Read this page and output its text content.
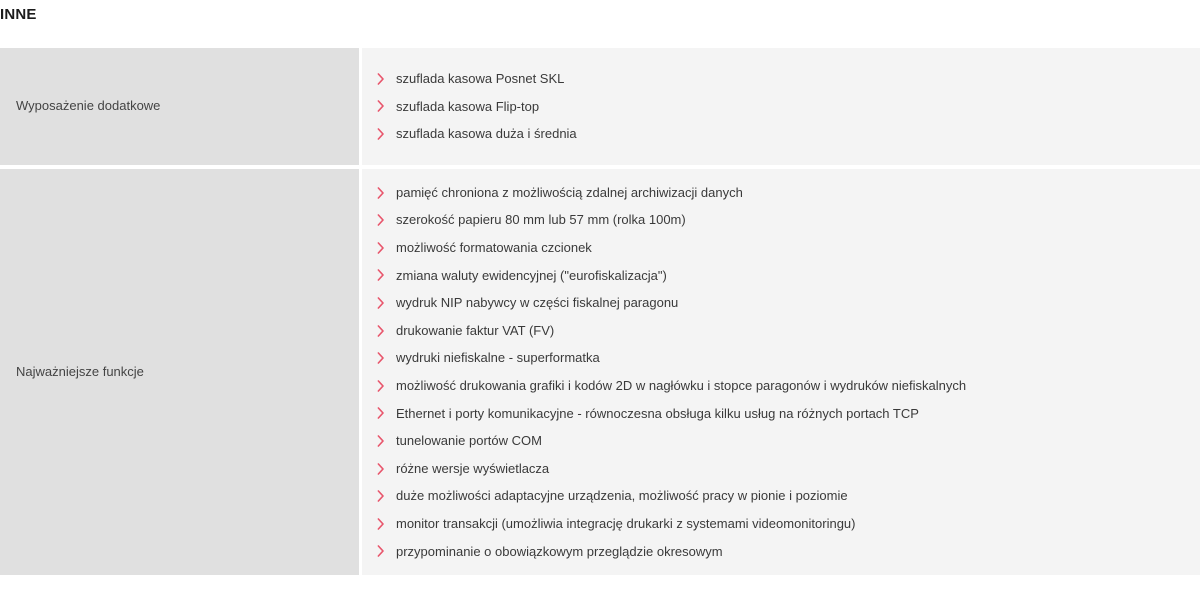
INNE
Wyposażenie dodatkowe	
szuflada kasowa Posnet SKL
szuflada kasowa Flip-top
szuflada kasowa duża i średnia

Najważniejsze funkcje	
pamięć chroniona z możliwością zdalnej archiwizacji danych
szerokość papieru 80 mm lub 57 mm (rolka 100m)
możliwość formatowania czcionek
zmiana waluty ewidencyjnej ("eurofiskalizacja")
wydruk NIP nabywcy w części fiskalnej paragonu
drukowanie faktur VAT (FV)
wydruki niefiskalne - superformatka
możliwość drukowania grafiki i kodów 2D w nagłówku i stopce paragonów i wydruków niefiskalnych
Ethernet i porty komunikacyjne - równoczesna obsługa kilku usług na różnych portach TCP
tunelowanie portów COM
różne wersje wyświetlacza
duże możliwości adaptacyjne urządzenia, możliwość pracy w pionie i poziomie
monitor transakcji (umożliwia integrację drukarki z systemami videomonitoringu)
przypominanie o obowiązkowym przeglądzie okresowym
